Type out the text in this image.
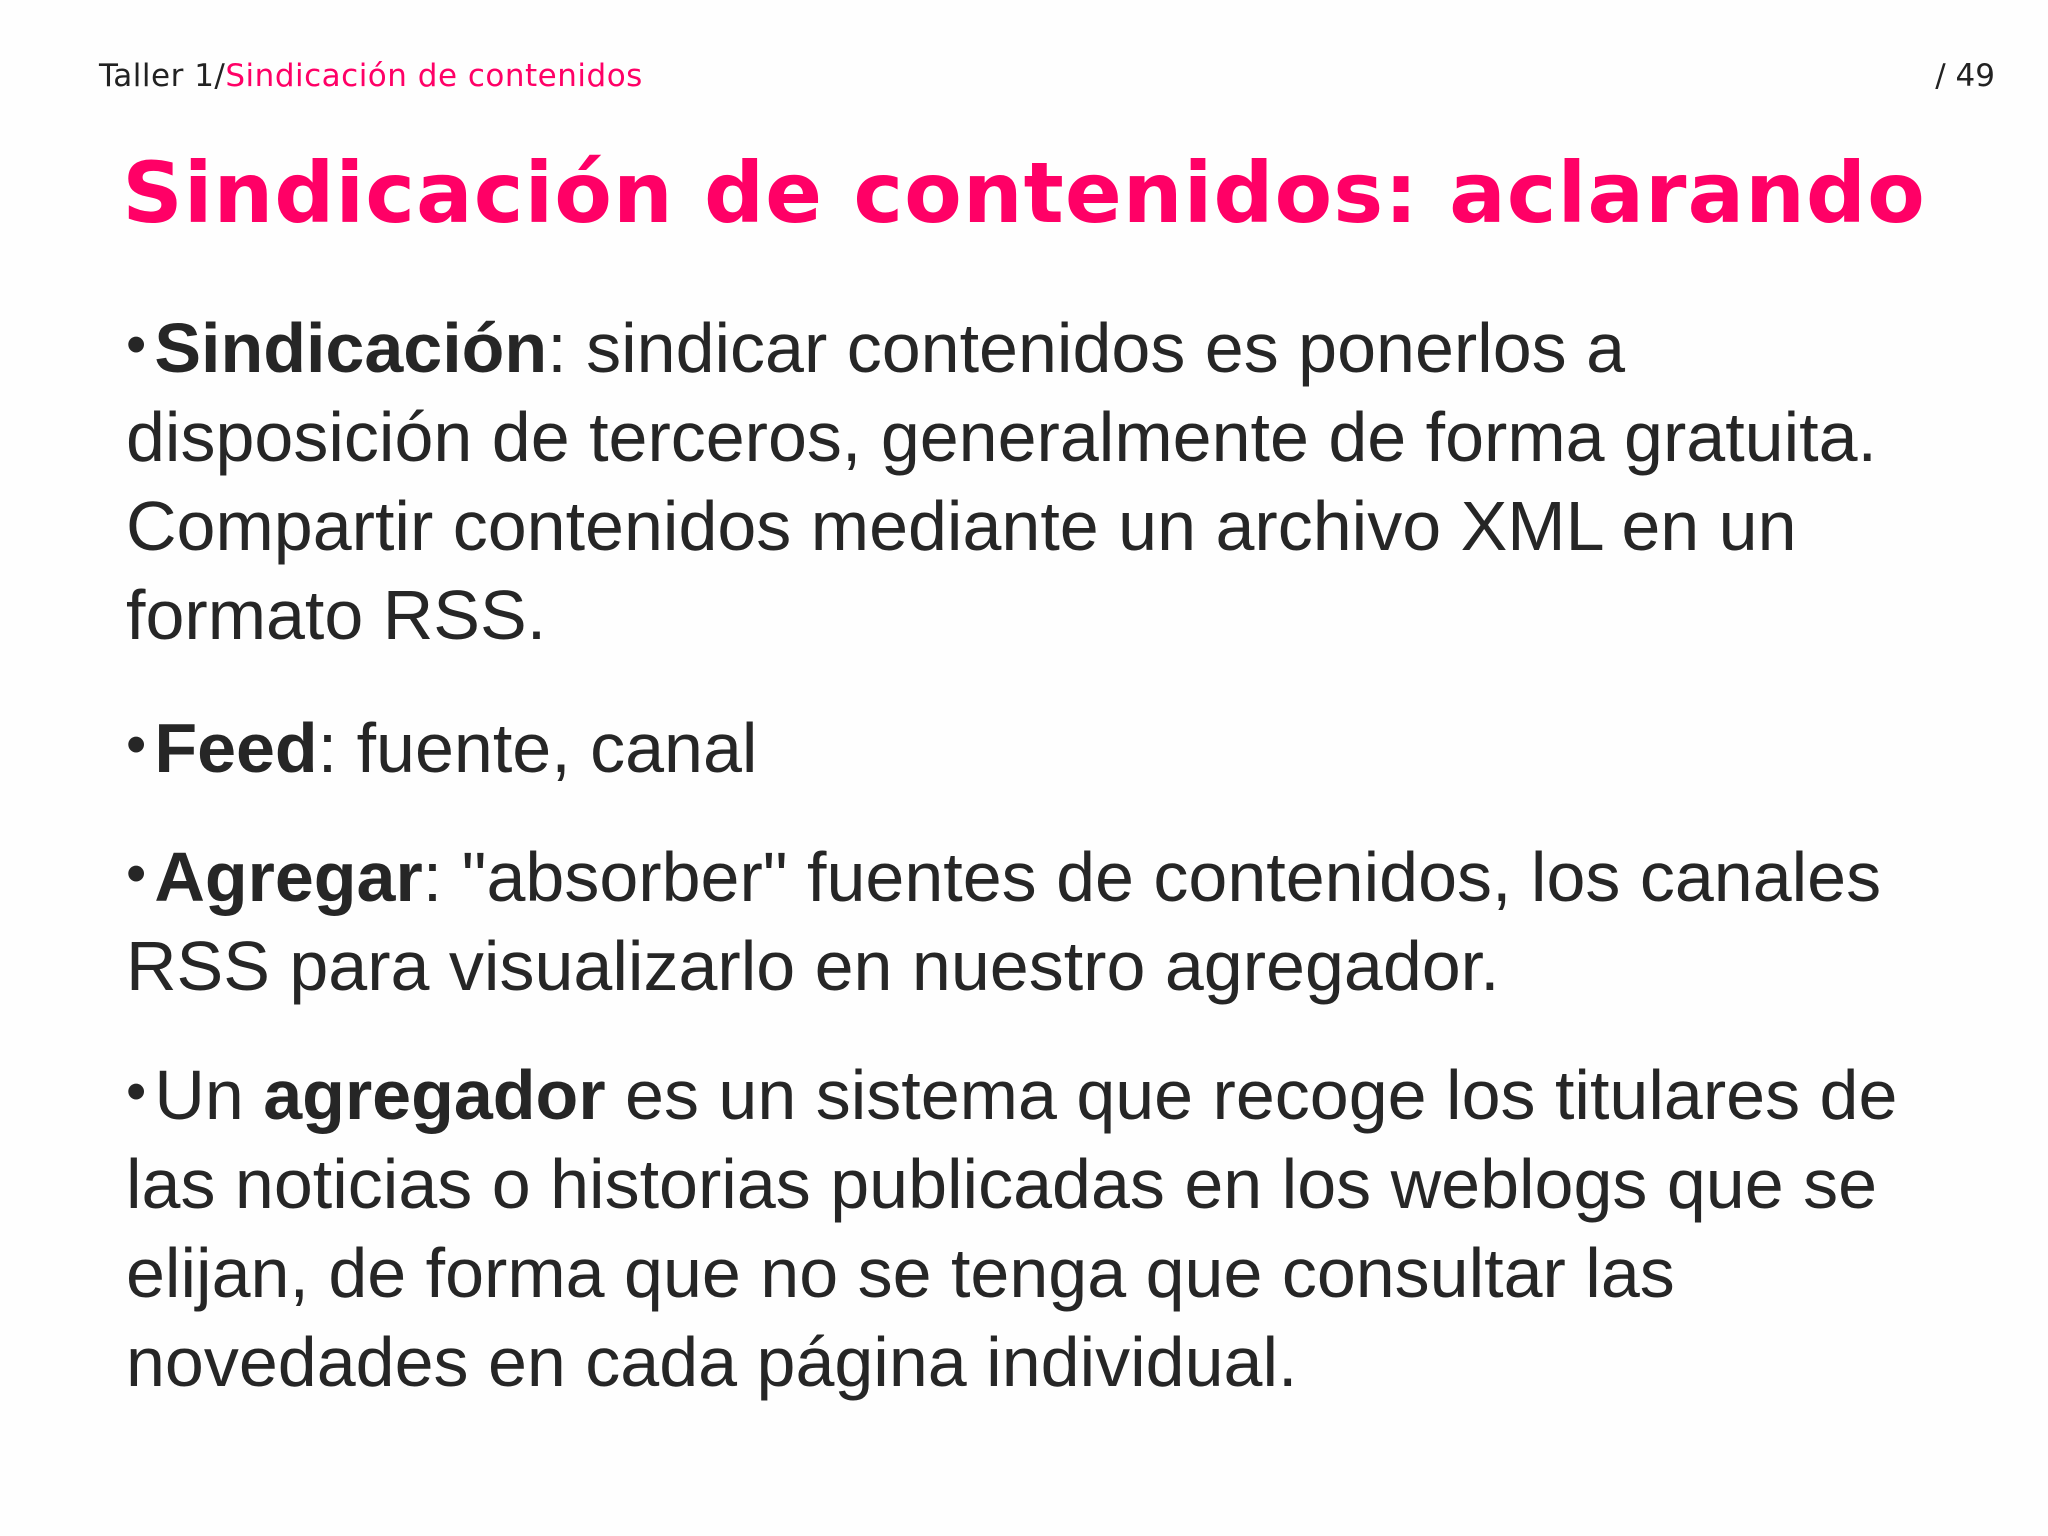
Taller 1/Sindicación de contenidos	/ 49
Sindicación de contenidos: aclarando
• Sindicación: sindicar contenidos es ponerlos a disposición de terceros, generalmente de forma gratuita. Compartir contenidos mediante un archivo XML en un formato RSS.
• Feed: fuente, canal
• Agregar: "absorber" fuentes de contenidos, los canales RSS para visualizarlo en nuestro agregador.
• Un agregador es un sistema que recoge los titulares de las noticias o historias publicadas en los weblogs que se elijan, de forma que no se tenga que consultar las novedades en cada página individual.
